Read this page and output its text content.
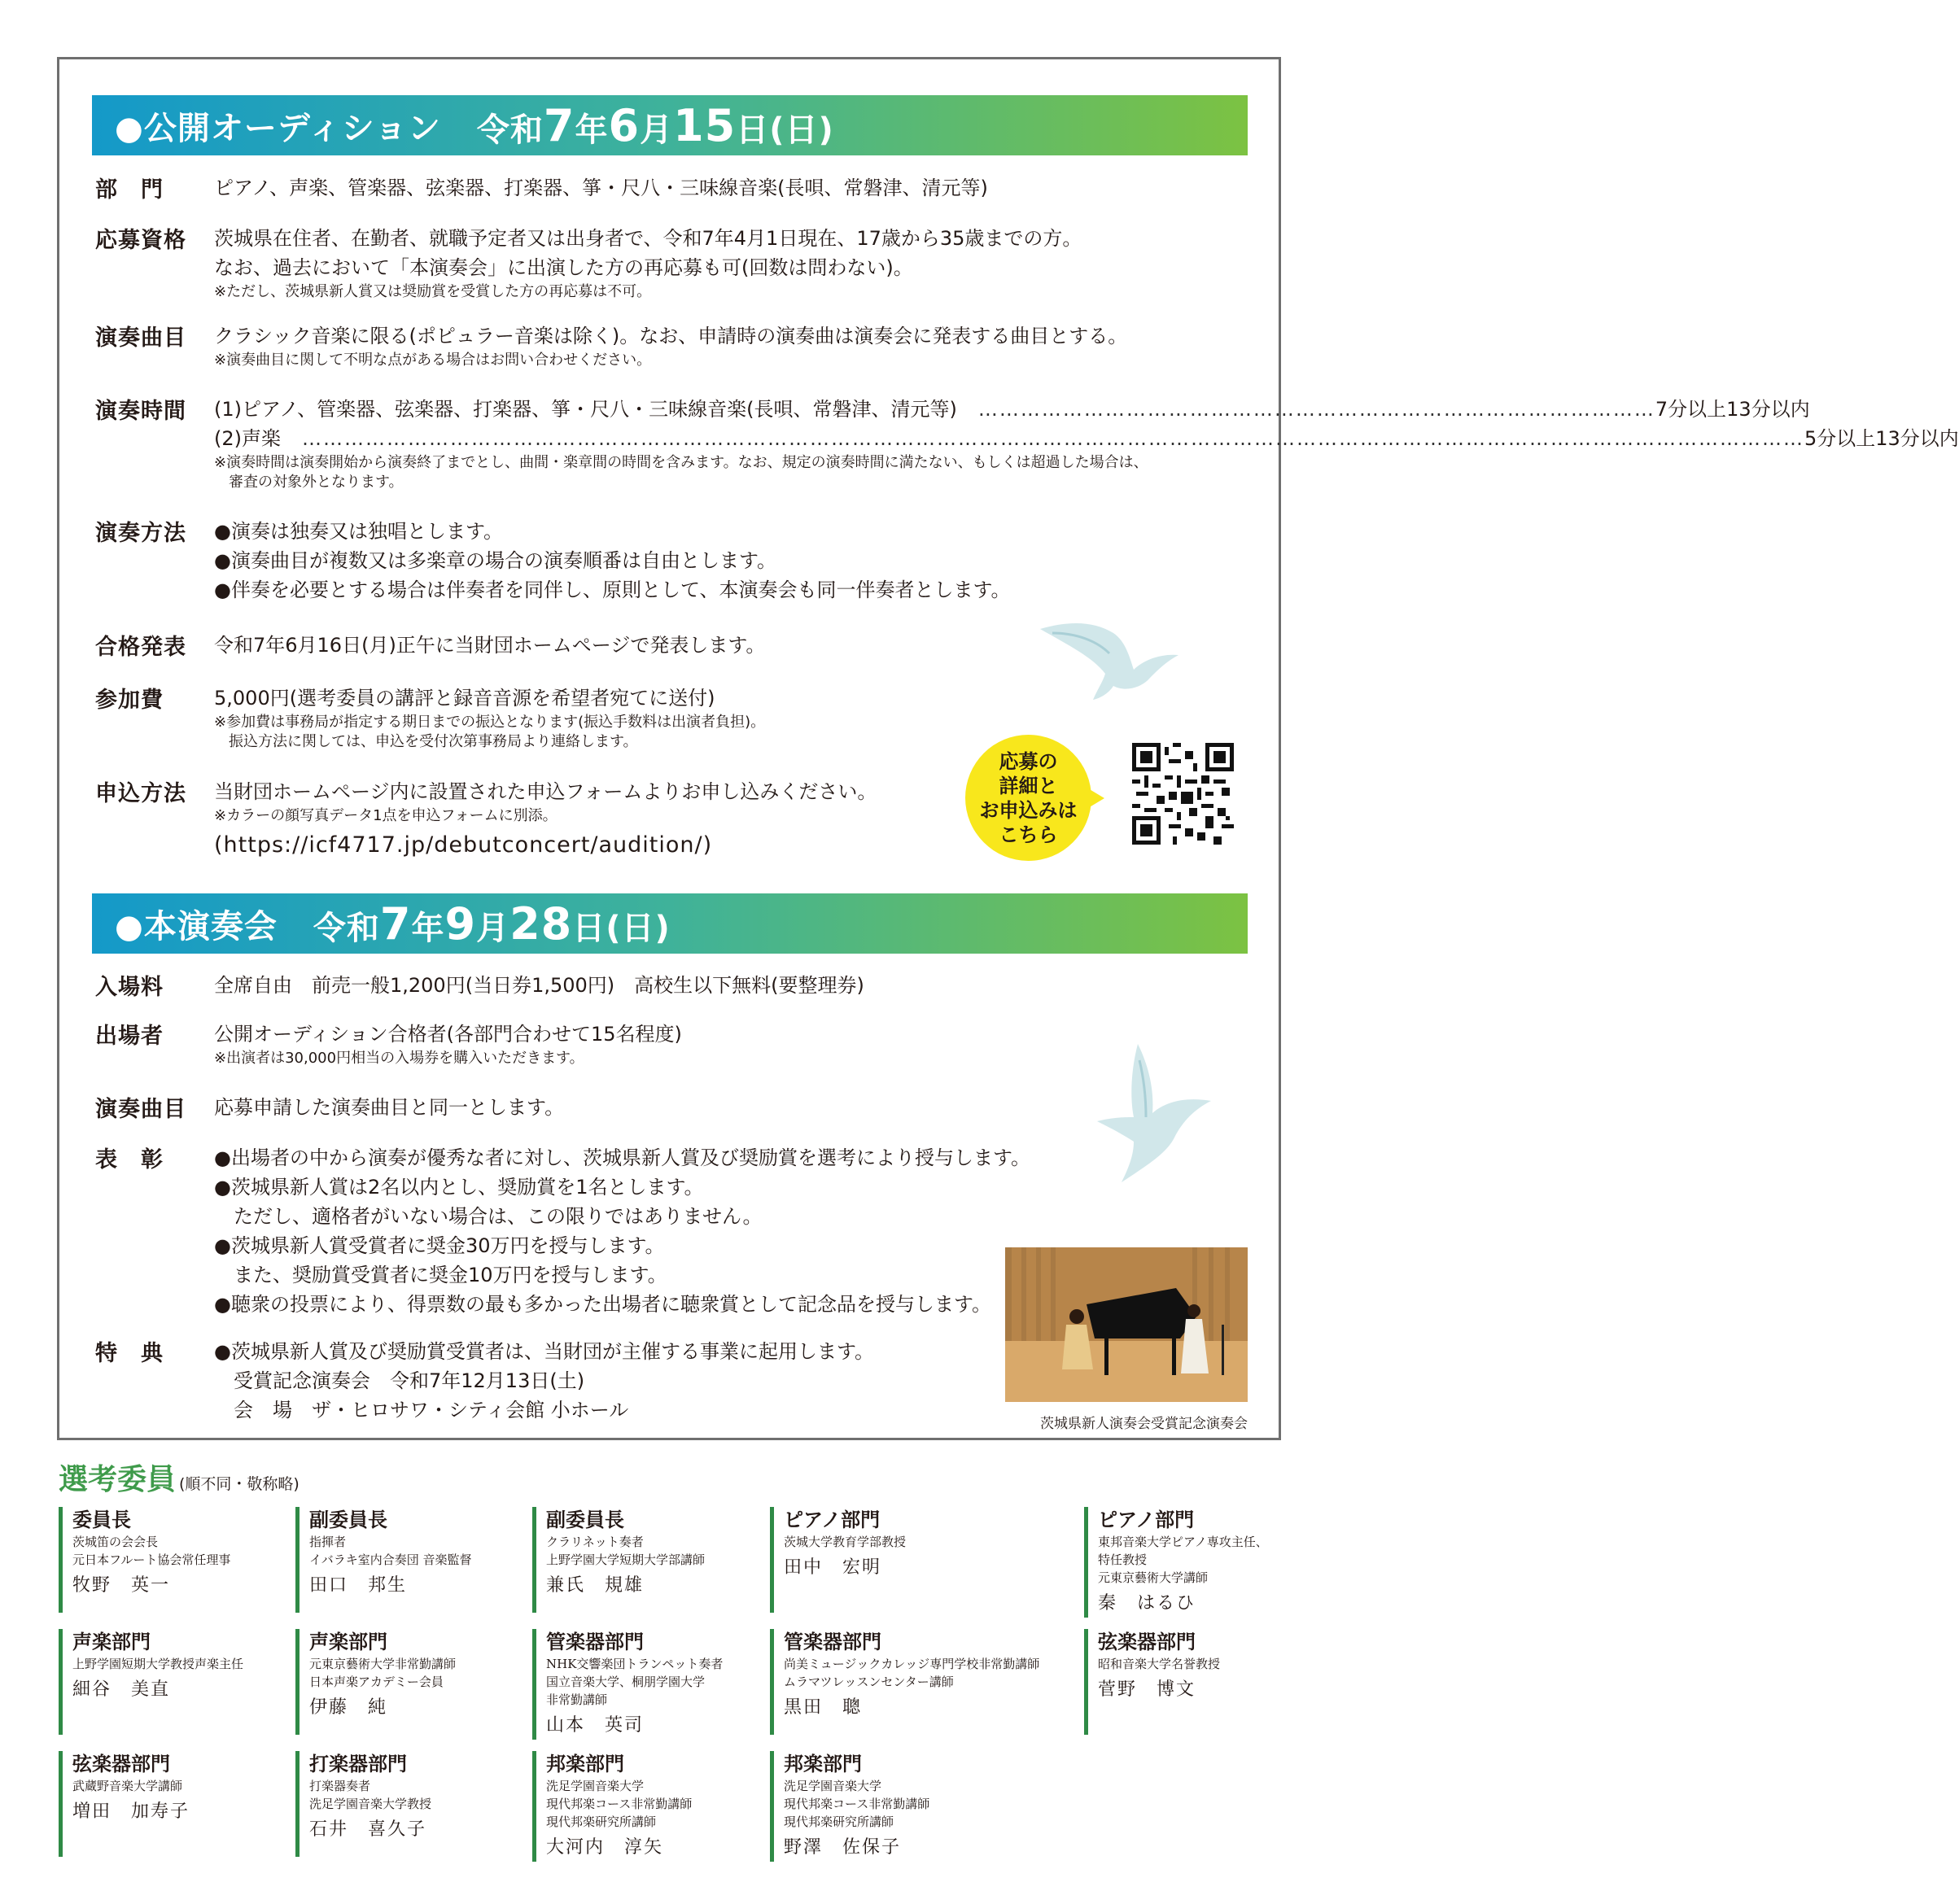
●公開オーディション 令和7年6月15日(日)
部　門	ピアノ、声楽、管楽器、弦楽器、打楽器、箏・尺八・三味線音楽(長唄、常磐津、清元等)
応募資格	茨城県在住者、在勤者、就職予定者又は出身者で、令和7年4月1日現在、17歳から35歳までの方。
なお、過去において「本演奏会」に出演した方の再応募も可(回数は問わない)。
※ただし、茨城県新人賞又は奨励賞を受賞した方の再応募は不可。
演奏曲目	クラシック音楽に限る(ポピュラー音楽は除く)。なお、申請時の演奏曲は演奏会に発表する曲目とする。
※演奏曲目に関して不明な点がある場合はお問い合わせください。
演奏時間	(1)ピアノ、管楽器、弦楽器、打楽器、箏・尺八・三味線音楽(長唄、常磐津、清元等) 　…………………………………………………………………………………… 7分以上13分以内
(2)声楽 　…………………………………………………………………………………………………………………………………………………………………………………………… 5分以上13分以内
※演奏時間は演奏開始から演奏終了までとし、曲間・楽章間の時間を含みます。なお、規定の演奏時間に満たない、もしくは超過した場合は、
審査の対象外となります。
演奏方法	●演奏は独奏又は独唱とします。
●演奏曲目が複数又は多楽章の場合の演奏順番は自由とします。
●伴奏を必要とする場合は伴奏者を同伴し、原則として、本演奏会も同一伴奏者とします。
合格発表	令和7年6月16日(月)正午に当財団ホームページで発表します。
参加費	5,000円(選考委員の講評と録音音源を希望者宛てに送付)
※参加費は事務局が指定する期日までの振込となります(振込手数料は出演者負担)。
振込方法に関しては、申込を受付次第事務局より連絡します。
申込方法	当財団ホームページ内に設置された申込フォームよりお申し込みください。
※カラーの顔写真データ1点を申込フォームに別添。
(https://icf4717.jp/debutconcert/audition/)
応募の
詳細と
お申込みは
こちら
●本演奏会 令和7年9月28日(日)
入場料	全席自由　前売一般1,200円(当日券1,500円)　高校生以下無料(要整理券)
出場者	公開オーディション合格者(各部門合わせて15名程度)
※出演者は30,000円相当の入場券を購入いただきます。
演奏曲目	応募申請した演奏曲目と同一とします。
表　彰	●出場者の中から演奏が優秀な者に対し、茨城県新人賞及び奨励賞を選考により授与します。
●茨城県新人賞は2名以内とし、奨励賞を1名とします。
ただし、適格者がいない場合は、この限りではありません。
●茨城県新人賞受賞者に奨金30万円を授与します。
また、奨励賞受賞者に奨金10万円を授与します。
●聴衆の投票により、得票数の最も多かった出場者に聴衆賞として記念品を授与します。
特　典	●茨城県新人賞及び奨励賞受賞者は、当財団が主催する事業に起用します。
受賞記念演奏会　令和7年12月13日(土)
会　場　ザ・ヒロサワ・シティ会館 小ホール
茨城県新人演奏会受賞記念演奏会
選考委員 (順不同・敬称略)
委員長
茨城笛の会会長
元日本フルート協会常任理事
牧野　英一
副委員長
指揮者
イバラキ室内合奏団 音楽監督
田口　邦生
副委員長
クラリネット奏者
上野学園大学短期大学部講師
兼氏　規雄
ピアノ部門
茨城大学教育学部教授
田中　宏明
ピアノ部門
東邦音楽大学ピアノ専攻主任、
特任教授
元東京藝術大学講師
秦　はるひ
声楽部門
上野学園短期大学教授声楽主任
細谷　美直
声楽部門
元東京藝術大学非常勤講師
日本声楽アカデミー会員
伊藤　純
管楽器部門
NHK交響楽団トランペット奏者
国立音楽大学、桐朋学園大学
非常勤講師
山本　英司
管楽器部門
尚美ミュージックカレッジ専門学校非常勤講師
ムラマツレッスンセンター講師
黒田　聰
弦楽器部門
昭和音楽大学名誉教授
菅野　博文
弦楽器部門
武蔵野音楽大学講師
増田　加寿子
打楽器部門
打楽器奏者
洗足学園音楽大学教授
石井　喜久子
邦楽部門
洗足学園音楽大学
現代邦楽コース非常勤講師
現代邦楽研究所講師
大河内　淳矢
邦楽部門
洗足学園音楽大学
現代邦楽コース非常勤講師
現代邦楽研究所講師
野澤　佐保子
